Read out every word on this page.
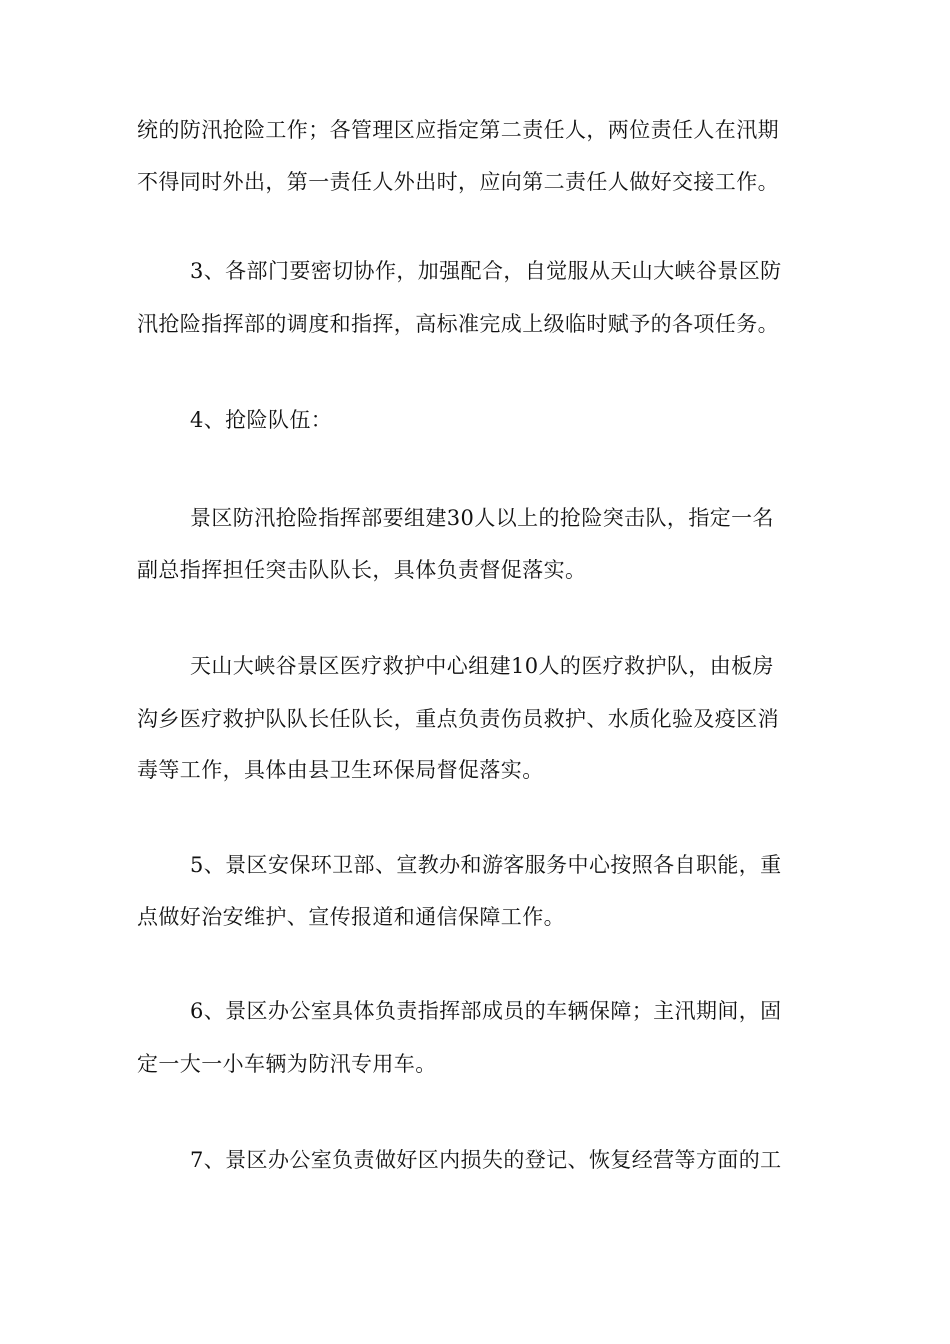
统的防汛抢险工作；各管理区应指定第二责任人，两位责任人在汛期
不得同时外出，第一责任人外出时，应向第二责任人做好交接工作。
3、各部门要密切协作，加强配合，自觉服从天山大峡谷景区防
汛抢险指挥部的调度和指挥，高标准完成上级临时赋予的各项任务。
4、抢险队伍：
景区防汛抢险指挥部要组建30人以上的抢险突击队，指定一名
副总指挥担任突击队队长，具体负责督促落实。
天山大峡谷景区医疗救护中心组建10人的医疗救护队，由板房
沟乡医疗救护队队长任队长，重点负责伤员救护、水质化验及疫区消
毒等工作，具体由县卫生环保局督促落实。
5、景区安保环卫部、宣教办和游客服务中心按照各自职能，重
点做好治安维护、宣传报道和通信保障工作。
6、景区办公室具体负责指挥部成员的车辆保障；主汛期间，固
定一大一小车辆为防汛专用车。
7、景区办公室负责做好区内损失的登记、恢复经营等方面的工
